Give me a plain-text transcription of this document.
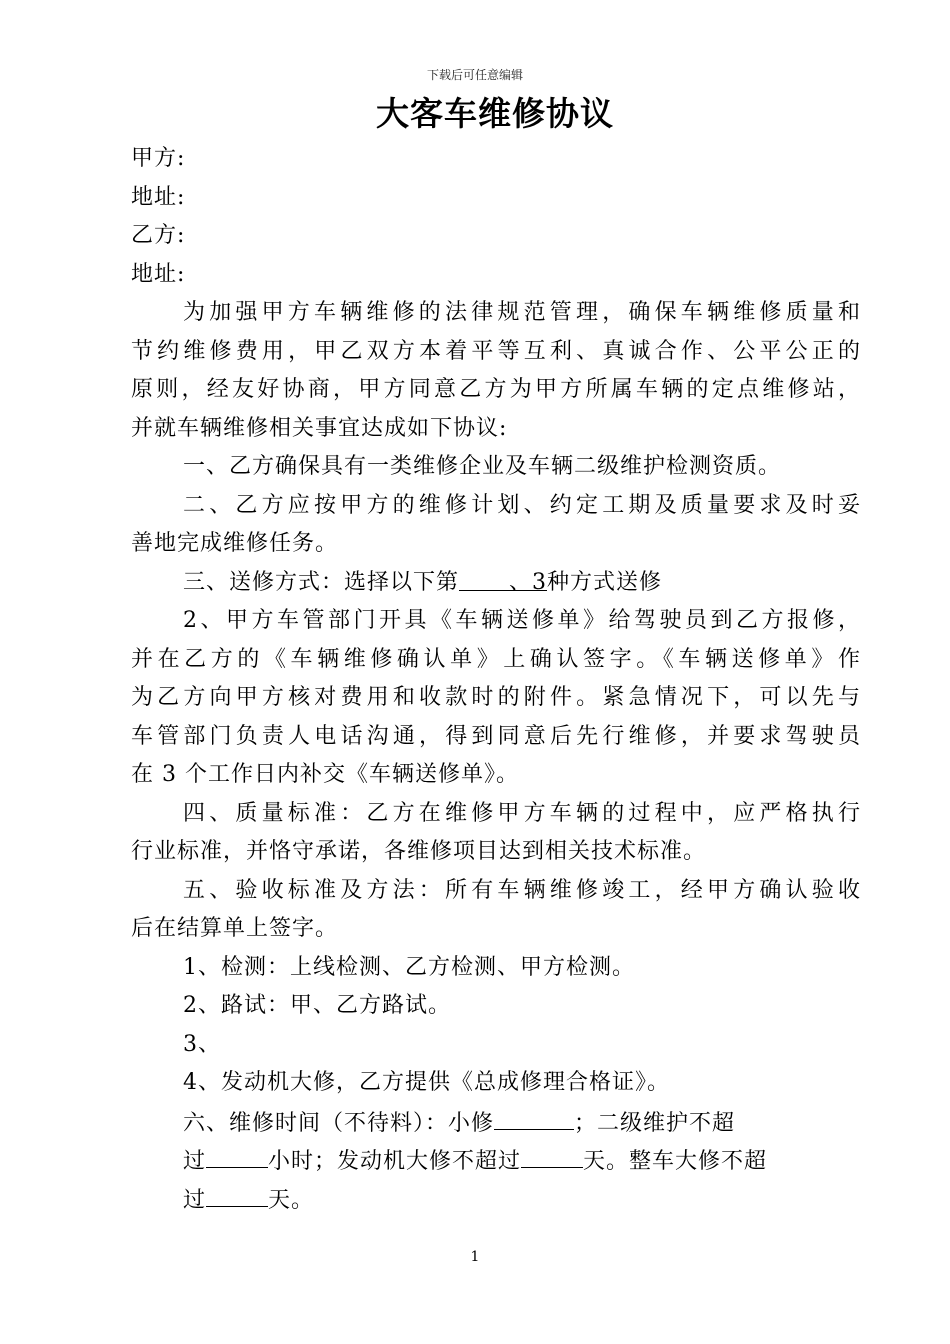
下载后可任意编辑
大客车维修协议
甲方:
地址:
乙方:
地址:
为加强甲方车辆维修的法律规范管理，确保车辆维修质量和
节约维修费用，甲乙双方本着平等互利、真诚合作、公平公正的
原则，经友好协商，甲方同意乙方为甲方所属车辆的定点维修站，
并就车辆维修相关事宜达成如下协议:
一、乙方确保具有一类维修企业及车辆二级维护检测资质。
二、乙方应按甲方的维修计划、约定工期及质量要求及时妥
善地完成维修任务。
三、送修方式：选择以下第 、3种方式送修
2、甲方车管部门开具《车辆送修单》给驾驶员到乙方报修，
并在乙方的《车辆维修确认单》上确认签字。《车辆送修单》作
为乙方向甲方核对费用和收款时的附件。紧急情况下，可以先与
车管部门负责人电话沟通，得到同意后先行维修，并要求驾驶员
在 3 个工作日内补交《车辆送修单》。
四、质量标准：乙方在维修甲方车辆的过程中，应严格执行
行业标准，并恪守承诺，各维修项目达到相关技术标准。
五、验收标准及方法：所有车辆维修竣工，经甲方确认验收
后在结算单上签字。
1、检测：上线检测、乙方检测、甲方检测。
2、路试：甲、乙方路试。
3、
4、发动机大修，乙方提供《总成修理合格证》。
六、维修时间（不待料）：小修	；二级维护不超
过	小时；发动机大修不超过	天。整车大修不超
过	天。
1
